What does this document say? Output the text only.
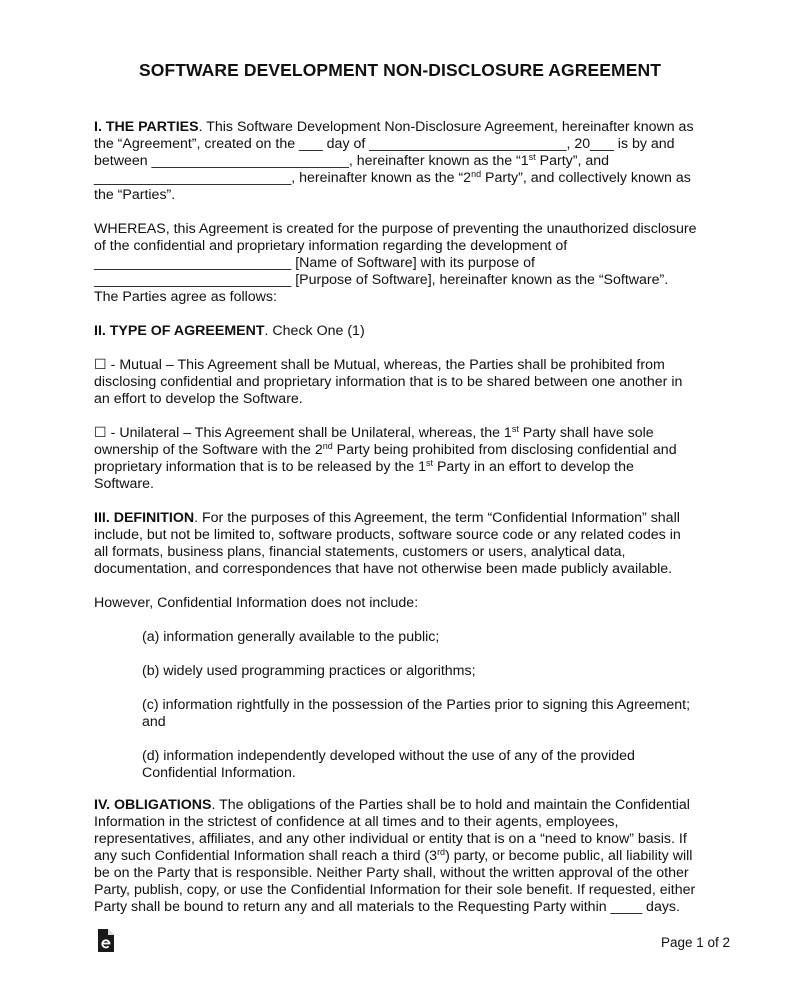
SOFTWARE DEVELOPMENT NON-DISCLOSURE AGREEMENT

I. THE PARTIES. This Software Development Non-Disclosure Agreement, hereinafter known as

the “Agreement”, created on the ___ day of _________________________, 20___ is by and

between _________________________, hereinafter known as the “1st Party”, and

_________________________, hereinafter known as the “2nd Party”, and collectively known as

the “Parties”.

WHEREAS, this Agreement is created for the purpose of preventing the unauthorized disclosure

of the confidential and proprietary information regarding the development of

_________________________ [Name of Software] with its purpose of

_________________________ [Purpose of Software], hereinafter known as the “Software”.

The Parties agree as follows:

II. TYPE OF AGREEMENT. Check One (1)

☐ - Mutual – This Agreement shall be Mutual, whereas, the Parties shall be prohibited from

disclosing confidential and proprietary information that is to be shared between one another in

an effort to develop the Software.

☐ - Unilateral – This Agreement shall be Unilateral, whereas, the 1st Party shall have sole

ownership of the Software with the 2nd Party being prohibited from disclosing confidential and

proprietary information that is to be released by the 1st Party in an effort to develop the

Software.

III. DEFINITION. For the purposes of this Agreement, the term “Confidential Information” shall

include, but not be limited to, software products, software source code or any related codes in

all formats, business plans, financial statements, customers or users, analytical data,

documentation, and correspondences that have not otherwise been made publicly available.

However, Confidential Information does not include:

(a) information generally available to the public;

(b) widely used programming practices or algorithms;

(c) information rightfully in the possession of the Parties prior to signing this Agreement;

and

(d) information independently developed without the use of any of the provided

Confidential Information.

IV. OBLIGATIONS. The obligations of the Parties shall be to hold and maintain the Confidential

Information in the strictest of confidence at all times and to their agents, employees,

representatives, affiliates, and any other individual or entity that is on a “need to know” basis. If

any such Confidential Information shall reach a third (3rd) party, or become public, all liability will

be on the Party that is responsible. Neither Party shall, without the written approval of the other

Party, publish, copy, or use the Confidential Information for their sole benefit. If requested, either

Party shall be bound to return any and all materials to the Requesting Party within ____ days.

Page 1 of 2
